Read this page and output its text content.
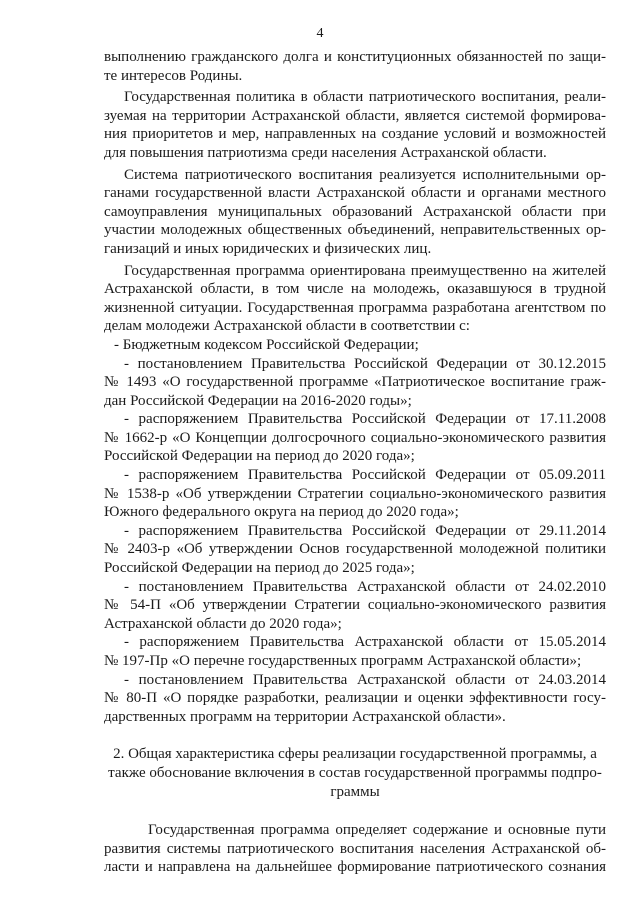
4
выполнению гражданского долга и конституционных обязанностей по защи-
те интересов Родины.
Государственная политика в области патриотического воспитания, реали-
зуемая на территории Астраханской области, является системой формирова-
ния приоритетов и мер, направленных на создание условий и возможностей
для повышения патриотизма среди населения Астраханской области.
Система патриотического воспитания реализуется исполнительными ор-
ганами государственной власти Астраханской области и органами местного
самоуправления муниципальных образований Астраханской области при
участии молодежных общественных объединений, неправительственных ор-
ганизаций и иных юридических и физических лиц.
Государственная программа ориентирована преимущественно на жителей
Астраханской области, в том числе на молодежь, оказавшуюся в трудной
жизненной ситуации. Государственная программа разработана агентством по
делам молодежи Астраханской области в соответствии с:
- Бюджетным кодексом Российской Федерации;
- постановлением Правительства Российской Федерации от 30.12.2015
№ 1493 «О государственной программе «Патриотическое воспитание граж-
дан Российской Федерации на 2016-2020 годы»;
- распоряжением Правительства Российской Федерации от 17.11.2008
№ 1662-р «О Концепции долгосрочного социально-экономического развития
Российской Федерации на период до 2020 года»;
- распоряжением Правительства Российской Федерации от 05.09.2011
№ 1538-р «Об утверждении Стратегии социально-экономического развития
Южного федерального округа на период до 2020 года»;
- распоряжением Правительства Российской Федерации от 29.11.2014
№ 2403-р «Об утверждении Основ государственной молодежной политики
Российской Федерации на период до 2025 года»;
- постановлением Правительства Астраханской области от 24.02.2010
№ 54-П «Об утверждении Стратегии социально-экономического развития
Астраханской области до 2020 года»;
- распоряжением Правительства Астраханской области от 15.05.2014
№ 197-Пр «О перечне государственных программ Астраханской области»;
- постановлением Правительства Астраханской области от 24.03.2014
№ 80-П «О порядке разработки, реализации и оценки эффективности госу-
дарственных программ на территории Астраханской области».
2. Общая характеристика сферы реализации государственной программы, а
также обоснование включения в состав государственной программы подпро-
граммы
Государственная программа определяет содержание и основные пути
развития системы патриотического воспитания населения Астраханской об-
ласти и направлена на дальнейшее формирование патриотического сознания
